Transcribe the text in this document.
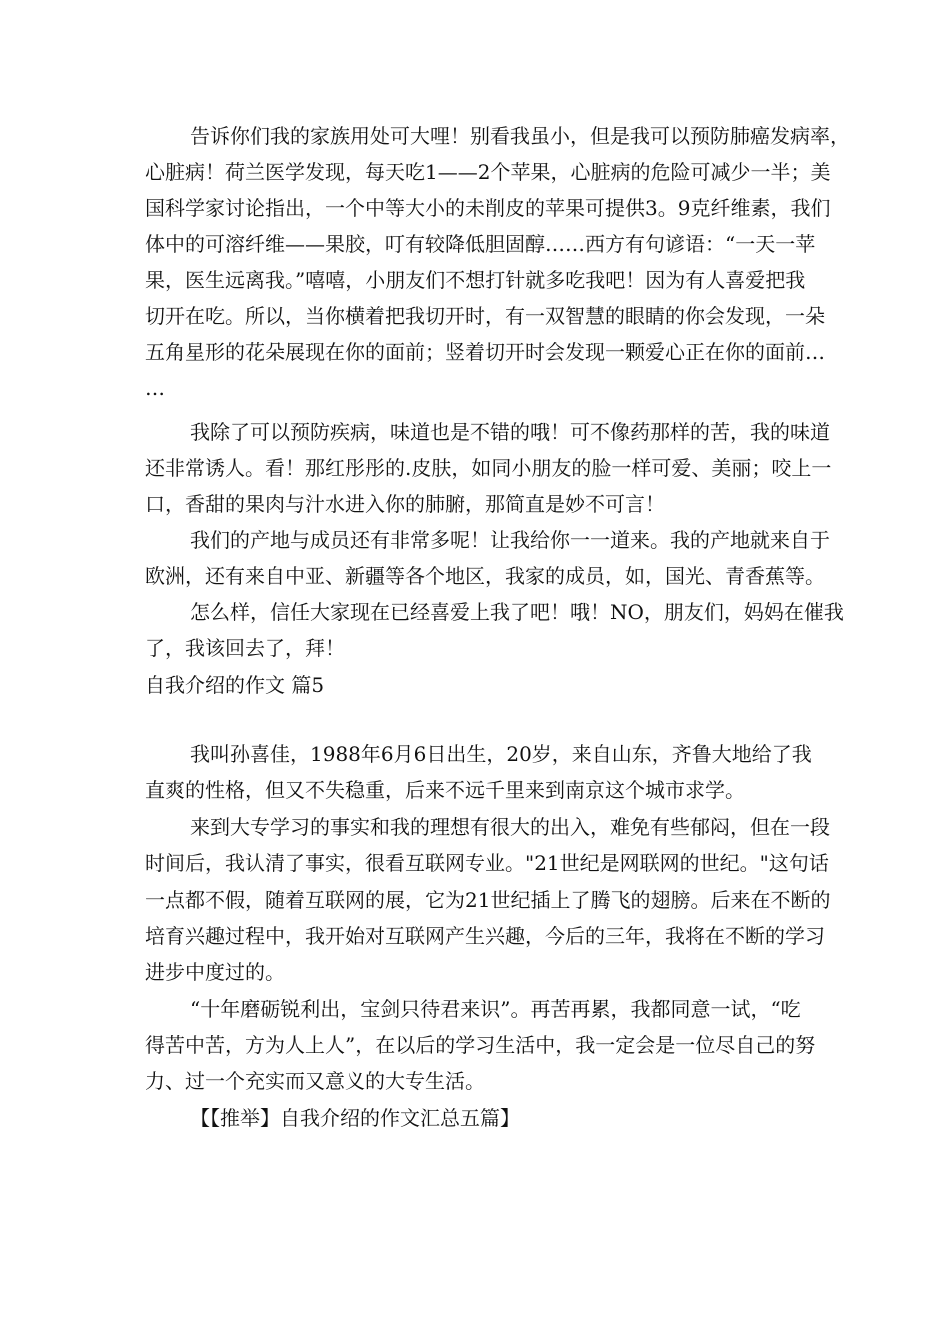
告诉你们我的家族用处可大哩！别看我虽小，但是我可以预防肺癌发病率，
心脏病！荷兰医学发现，每天吃1——2个苹果，心脏病的危险可减少一半；美
国科学家讨论指出，一个中等大小的未削皮的苹果可提供3。9克纤维素，我们
体中的可溶纤维——果胶，叮有较降低胆固醇……西方有句谚语：“一天一苹
果，医生远离我。”嘻嘻，小朋友们不想打针就多吃我吧！因为有人喜爱把我
切开在吃。所以，当你横着把我切开时，有一双智慧的眼睛的你会发现，一朵
五角星形的花朵展现在你的面前；竖着切开时会发现一颗爱心正在你的面前…
…
我除了可以预防疾病，味道也是不错的哦！可不像药那样的苦，我的味道
还非常诱人。看！那红彤彤的.皮肤，如同小朋友的脸一样可爱、美丽；咬上一
口，香甜的果肉与汁水进入你的肺腑，那简直是妙不可言！
我们的产地与成员还有非常多呢！让我给你一一道来。我的产地就来自于
欧洲，还有来自中亚、新疆等各个地区，我家的成员，如，国光、青香蕉等。
怎么样，信任大家现在已经喜爱上我了吧！哦！NO，朋友们，妈妈在催我
了，我该回去了，拜！
自我介绍的作文 篇5
我叫孙喜佳，1988年6月6日出生，20岁，来自山东，齐鲁大地给了我
直爽的性格，但又不失稳重，后来不远千里来到南京这个城市求学。
来到大专学习的事实和我的理想有很大的出入，难免有些郁闷，但在一段
时间后，我认清了事实，很看互联网专业。"21世纪是网联网的世纪。"这句话
一点都不假，随着互联网的展，它为21世纪插上了腾飞的翅膀。后来在不断的
培育兴趣过程中，我开始对互联网产生兴趣，今后的三年，我将在不断的学习
进步中度过的。
“十年磨砺锐利出，宝剑只待君来识”。再苦再累，我都同意一试，“吃
得苦中苦，方为人上人”，在以后的学习生活中，我一定会是一位尽自己的努
力、过一个充实而又意义的大专生活。
【【推举】自我介绍的作文汇总五篇】
